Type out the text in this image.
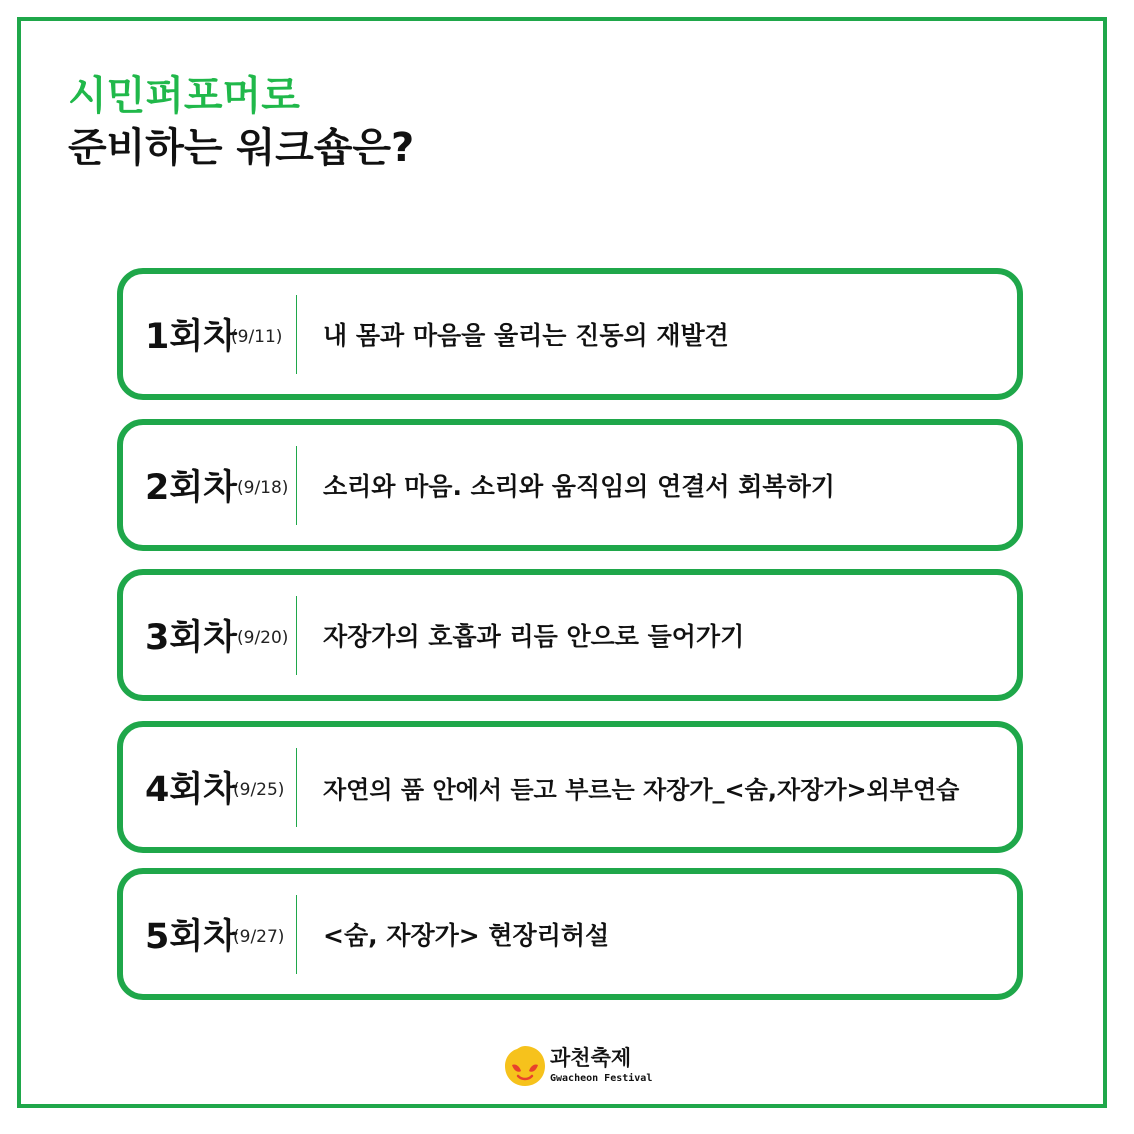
시민퍼포머로
준비하는 워크숍은?
1회차
(9/11) 내 몸과 마음을 울리는 진동의 재발견
2회차 (9/18) 소리와 마음. 소리와 움직임의 연결서 회복하기
3회차 (9/20) 자장가의 호흡과 리듬 안으로 들어가기
4회차
(9/25) 자연의 품 안에서 듣고 부르는 자장가_<숨,자장가>외부연습
5회차
(9/27) <숨, 자장가> 현장리허설
과천축제
Gwacheon Festival
